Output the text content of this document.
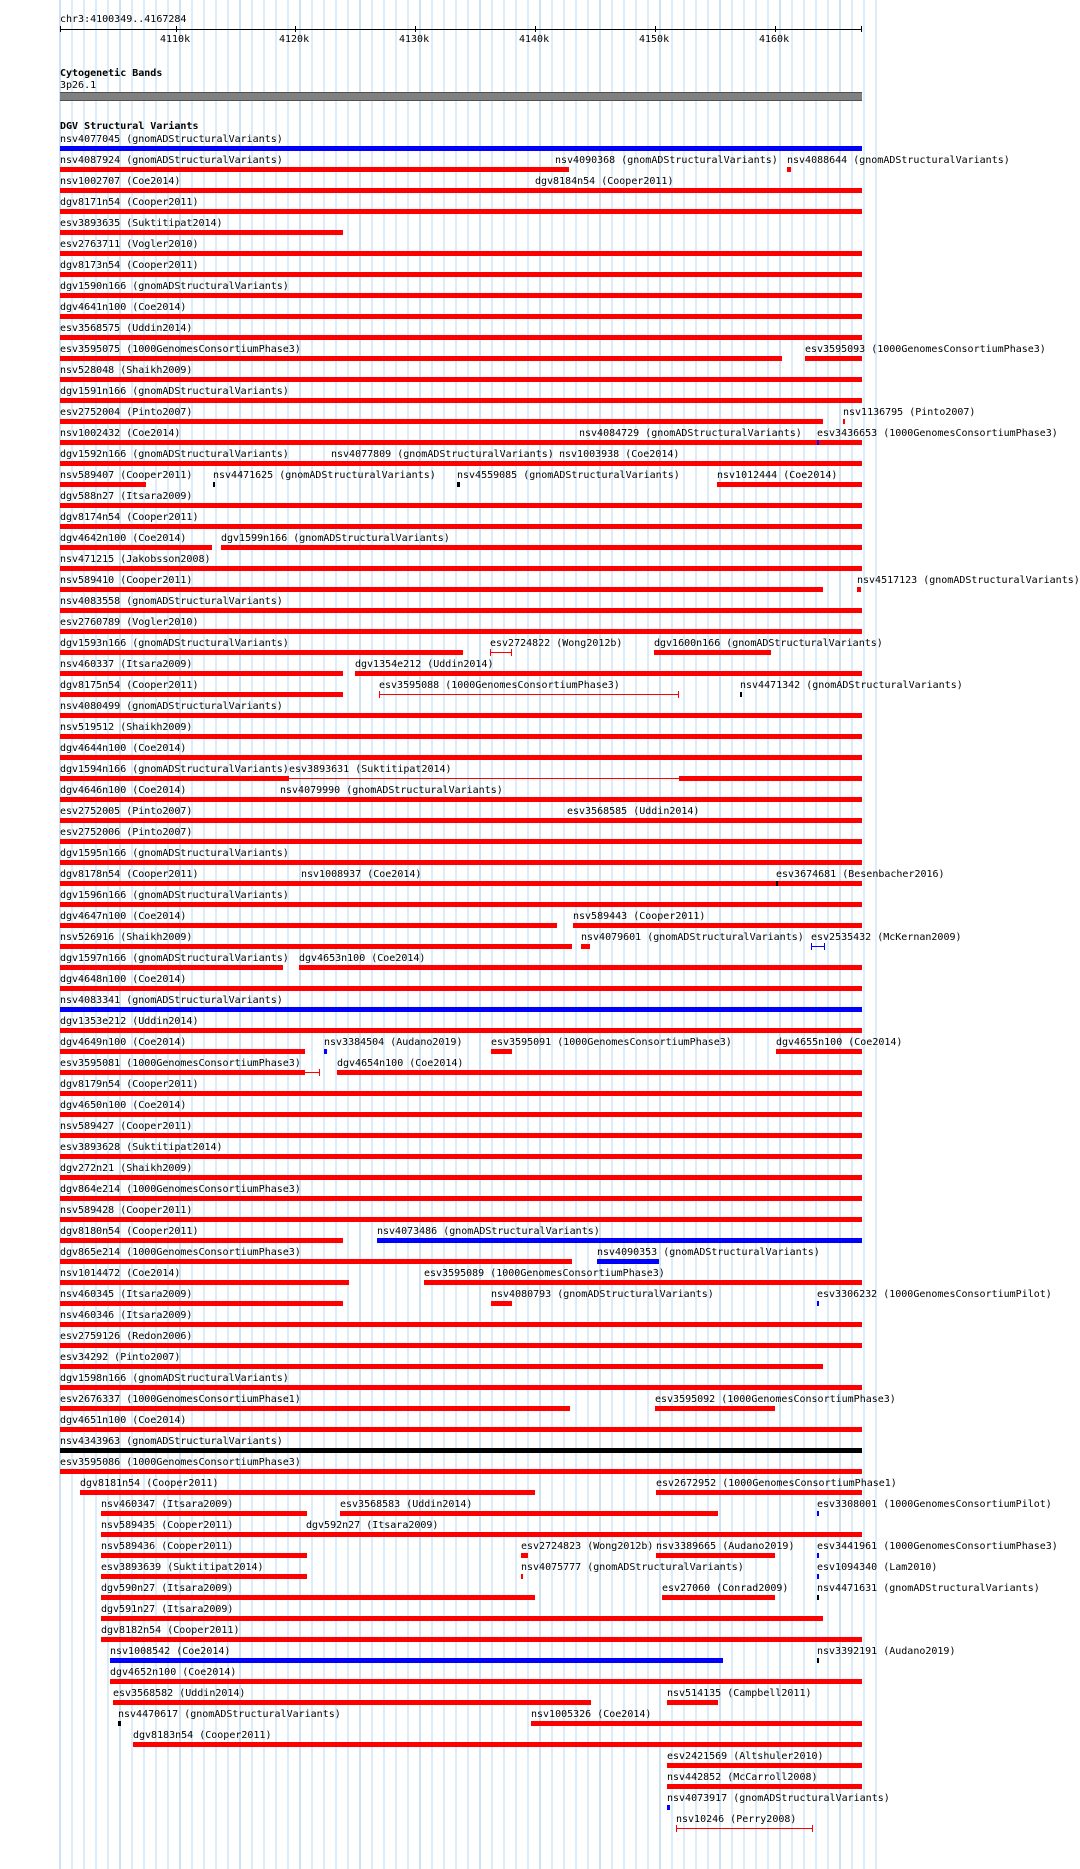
chr3:4100349..4167284
4110k	4120k	4130k	4140k	4150k	4160k
Cytogenetic Bands
3p26.1
DGV Structural Variants
nsv4077045 (gnomADStructuralVariants)
nsv4087924 (gnomADStructuralVariants)	nsv4090368 (gnomADStructuralVariants) nsv4088644 (gnomADStructuralVariants)
nsv1002707 (Coe2014)	dgv8184n54 (Cooper2011)
dgv8171n54 (Cooper2011)
esv3893635 (Suktitipat2014)
esv2763711 (Vogler2010)
dgv8173n54 (Cooper2011)
dgv1590n166 (gnomADStructuralVariants)
dgv4641n100 (Coe2014)
esv3568575 (Uddin2014)
esv3595075 (1000GenomesConsortiumPhase3)	esv3595093 (1000GenomesConsortiumPhase3)
nsv528048 (Shaikh2009)
dgv1591n166 (gnomADStructuralVariants)
esv2752004 (Pinto2007)	nsv1136795 (Pinto2007)
nsv1002432 (Coe2014)	nsv4084729 (gnomADStructuralVariants) esv3436653 (1000GenomesConsortiumPhase3)
dgv1592n166 (gnomADStructuralVariants)	nsv4077809 (gnomADStructuralVariants) nsv1003938 (Coe2014)
nsv589407 (Cooper2011) nsv4471625 (gnomADStructuralVariants) nsv4559085 (gnomADStructuralVariants)	nsv1012444 (Coe2014)
dgv588n27 (Itsara2009)
dgv8174n54 (Cooper2011)
dgv4642n100 (Coe2014)	dgv1599n166 (gnomADStructuralVariants)
nsv471215 (Jakobsson2008)
nsv589410 (Cooper2011)	nsv4517123 (gnomADStructuralVariants)
nsv4083558 (gnomADStructuralVariants)
esv2760789 (Vogler2010)
dgv1593n166 (gnomADStructuralVariants)	esv2724822 (Wong2012b)	dgv1600n166 (gnomADStructuralVariants)
nsv460337 (Itsara2009)	dgv1354e212 (Uddin2014)
dgv8175n54 (Cooper2011)	esv3595088 (1000GenomesConsortiumPhase3)	nsv4471342 (gnomADStructuralVariants)
nsv4080499 (gnomADStructuralVariants)
nsv519512 (Shaikh2009)
dgv4644n100 (Coe2014)
dgv1594n166 (gnomADStructuralVariants) esv3893631 (Suktitipat2014)
dgv4646n100 (Coe2014)	nsv4079990 (gnomADStructuralVariants)
esv2752005 (Pinto2007)
esv2752006 (Pinto2007)
esv3568585 (Uddin2014)
dgv1595n166 (gnomADStructuralVariants)
dgv8178n54 (Cooper2011)	nsv1008937 (Coe2014)	esv3674681 (Besenbacher2016)
dgv1596n166 (gnomADStructuralVariants)
dgv4647n100 (Coe2014)	nsv589443 (Cooper2011)
nsv526916 (Shaikh2009)	nsv4079601 (gnomADStructuralVariants) esv2535432 (McKernan2009)
dgv1597n166 (gnomADStructuralVariants) dgv4653n100 (Coe2014)
dgv4648n100 (Coe2014)
nsv4083341 (gnomADStructuralVariants)
dgv1353e212 (Uddin2014)
dgv4649n100 (Coe2014)	nsv3384504 (Audano2019)	esv3595091 (1000GenomesConsortiumPhase3)	dgv4655n100 (Coe2014)
esv3595081 (1000GenomesConsortiumPhase3)	dgv4654n100 (Coe2014)
dgv8179n54 (Cooper2011)
dgv4650n100 (Coe2014)
nsv589427 (Cooper2011)
esv3893628 (Suktitipat2014)
dgv272n21 (Shaikh2009)
dgv864e214 (1000GenomesConsortiumPhase3)
nsv589428 (Cooper2011)
dgv8180n54 (Cooper2011)	nsv4073486 (gnomADStructuralVariants)
dgv865e214 (1000GenomesConsortiumPhase3)	nsv4090353 (gnomADStructuralVariants)
nsv1014472 (Coe2014)	esv3595089 (1000GenomesConsortiumPhase3)
nsv460345 (Itsara2009)	nsv4080793 (gnomADStructuralVariants)	esv3306232 (1000GenomesConsortiumPilot)
nsv460346 (Itsara2009)
esv2759126 (Redon2006)
esv34292 (Pinto2007)
dgv1598n166 (gnomADStructuralVariants)
esv2676337 (1000GenomesConsortiumPhase1)	esv3595092 (1000GenomesConsortiumPhase3)
dgv4651n100 (Coe2014)
nsv4343963 (gnomADStructuralVariants)
esv3595086 (1000GenomesConsortiumPhase3)
dgv8181n54 (Cooper2011)	esv2672952 (1000GenomesConsortiumPhase1)
nsv460347 (Itsara2009)	esv3568583 (Uddin2014)	esv3308001 (1000GenomesConsortiumPilot)
nsv589435 (Cooper2011)	dgv592n27 (Itsara2009)
nsv589436 (Cooper2011)	esv2724823 (Wong2012b) nsv3389665 (Audano2019) esv3441961 (1000GenomesConsortiumPhase3)
esv3893639 (Suktitipat2014)	nsv4075777 (gnomADStructuralVariants)	esv1094340 (Lam2010)
dgv590n27 (Itsara2009)	esv27060 (Conrad2009)	nsv4471631 (gnomADStructuralVariants)
dgv591n27 (Itsara2009)
dgv8182n54 (Cooper2011)
nsv1008542 (Coe2014)	nsv3392191 (Audano2019)
dgv4652n100 (Coe2014)
esv3568582 (Uddin2014)	nsv514135 (Campbell2011)
nsv4470617 (gnomADStructuralVariants)	nsv1005326 (Coe2014)
dgv8183n54 (Cooper2011)
esv2421569 (Altshuler2010)
nsv442852 (McCarroll2008)
nsv4073917 (gnomADStructuralVariants)
nsv10246 (Perry2008)
